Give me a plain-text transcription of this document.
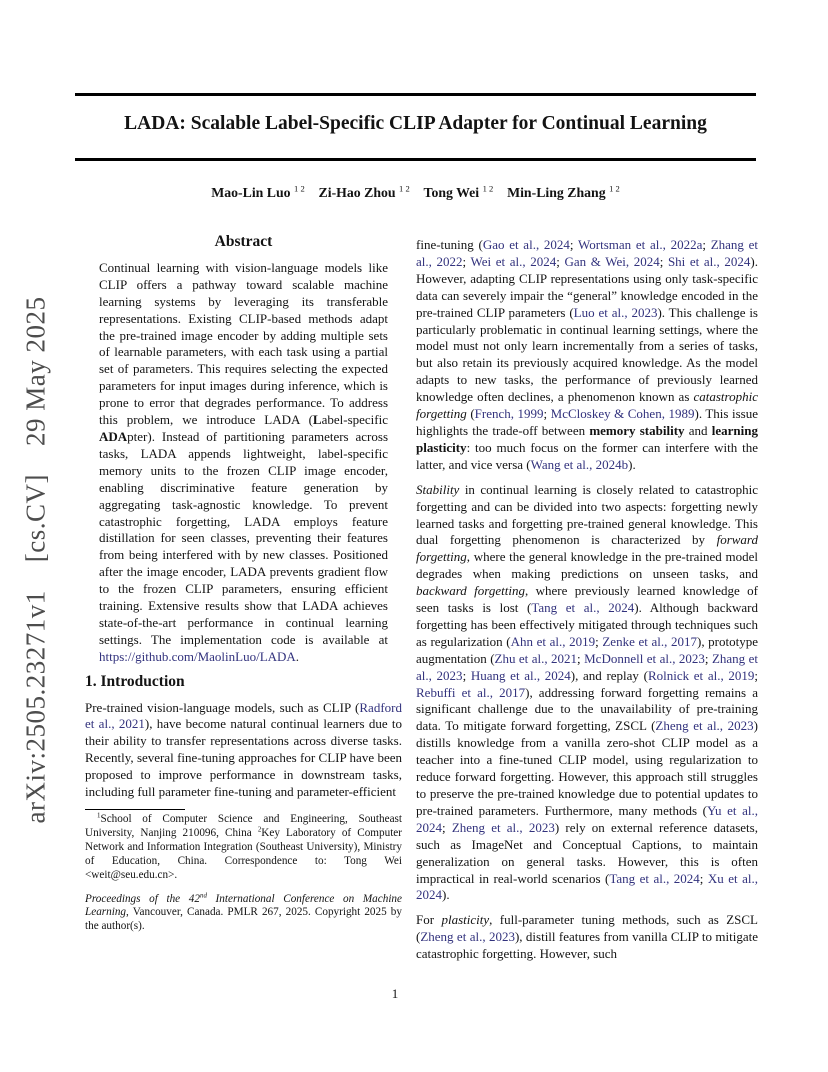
arXiv:2505.23271v1  [cs.CV]  29 May 2025
LADA: Scalable Label-Specific CLIP Adapter for Continual Learning
Mao-Lin Luo $^{1 2}$  Zi-Hao Zhou $^{1 2}$  Tong Wei $^{1 2}$  Min-Ling Zhang $^{1 2}$
Abstract

Continual learning with vision-language models like CLIP offers a pathway toward scalable machine learning systems by leveraging its transferable representations. Existing CLIP-based methods adapt the pre-trained image encoder by adding multiple sets of learnable parameters, with each task using a partial set of parameters. This requires selecting the expected parameters for input images during inference, which is prone to error that degrades performance. To address this problem, we introduce LADA (Label-specific ADApter). Instead of partitioning parameters across tasks, LADA appends lightweight, label-specific memory units to the frozen CLIP image encoder, enabling discriminative feature generation by aggregating task-agnostic knowledge. To prevent catastrophic forgetting, LADA employs feature distillation for seen classes, preventing their features from being interfered with by new classes. Positioned after the image encoder, LADA prevents gradient flow to the frozen CLIP parameters, ensuring efficient training. Extensive results show that LADA achieves state-of-the-art performance in continual learning settings. The implementation code is available at https://github.com/MaolinLuo/LADA.

1. Introduction

Pre-trained vision-language models, such as CLIP (Radford et al., 2021), have become natural continual learners due to their ability to transfer representations across diverse tasks. Recently, several fine-tuning approaches for CLIP have been proposed to improve performance in downstream tasks, including full parameter fine-tuning and parameter-efficient

$^1$School of Computer Science and Engineering, Southeast University, Nanjing 210096, China $^2$Key Laboratory of Computer Network and Information Integration (Southeast University), Ministry of Education, China. Correspondence to: Tong Wei <weit@seu.edu.cn>.

Proceedings of the 42nd International Conference on Machine Learning, Vancouver, Canada. PMLR 267, 2025. Copyright 2025 by the author(s).

fine-tuning (Gao et al., 2024; Wortsman et al., 2022a; Zhang et al., 2022; Wei et al., 2024; Gan & Wei, 2024; Shi et al., 2024). However, adapting CLIP representations using only task-specific data can severely impair the “general” knowledge encoded in the pre-trained CLIP parameters (Luo et al., 2023). This challenge is particularly problematic in continual learning settings, where the model must not only learn incrementally from a series of tasks, but also retain its previously acquired knowledge. As the model adapts to new tasks, the performance of previously learned knowledge often declines, a phenomenon known as catastrophic forgetting (French, 1999; McCloskey & Cohen, 1989). This issue highlights the trade-off between memory stability and learning plasticity: too much focus on the former can interfere with the latter, and vice versa (Wang et al., 2024b).

Stability in continual learning is closely related to catastrophic forgetting and can be divided into two aspects: forgetting newly learned tasks and forgetting pre-trained general knowledge. This dual forgetting phenomenon is characterized by forward forgetting, where the general knowledge in the pre-trained model degrades when making predictions on unseen tasks, and backward forgetting, where previously learned knowledge of seen tasks is lost (Tang et al., 2024). Although backward forgetting has been effectively mitigated through techniques such as regularization (Ahn et al., 2019; Zenke et al., 2017), prototype augmentation (Zhu et al., 2021; McDonnell et al., 2023; Zhang et al., 2023; Huang et al., 2024), and replay (Rolnick et al., 2019; Rebuffi et al., 2017), addressing forward forgetting remains a significant challenge due to the unavailability of pre-training data. To mitigate forward forgetting, ZSCL (Zheng et al., 2023) distills knowledge from a vanilla zero-shot CLIP model as a teacher into a fine-tuned CLIP model, using regularization to reduce forward forgetting. However, this approach still struggles to preserve the pre-trained knowledge due to potential updates to pre-trained parameters. Furthermore, many methods (Yu et al., 2024; Zheng et al., 2023) rely on external reference datasets, such as ImageNet and Conceptual Captions, to maintain generalization on general tasks. However, this is often impractical in real-world scenarios (Tang et al., 2024; Xu et al., 2024).

For plasticity, full-parameter tuning methods, such as ZSCL (Zheng et al., 2023), distill features from vanilla CLIP to mitigate catastrophic forgetting. However, such

1
